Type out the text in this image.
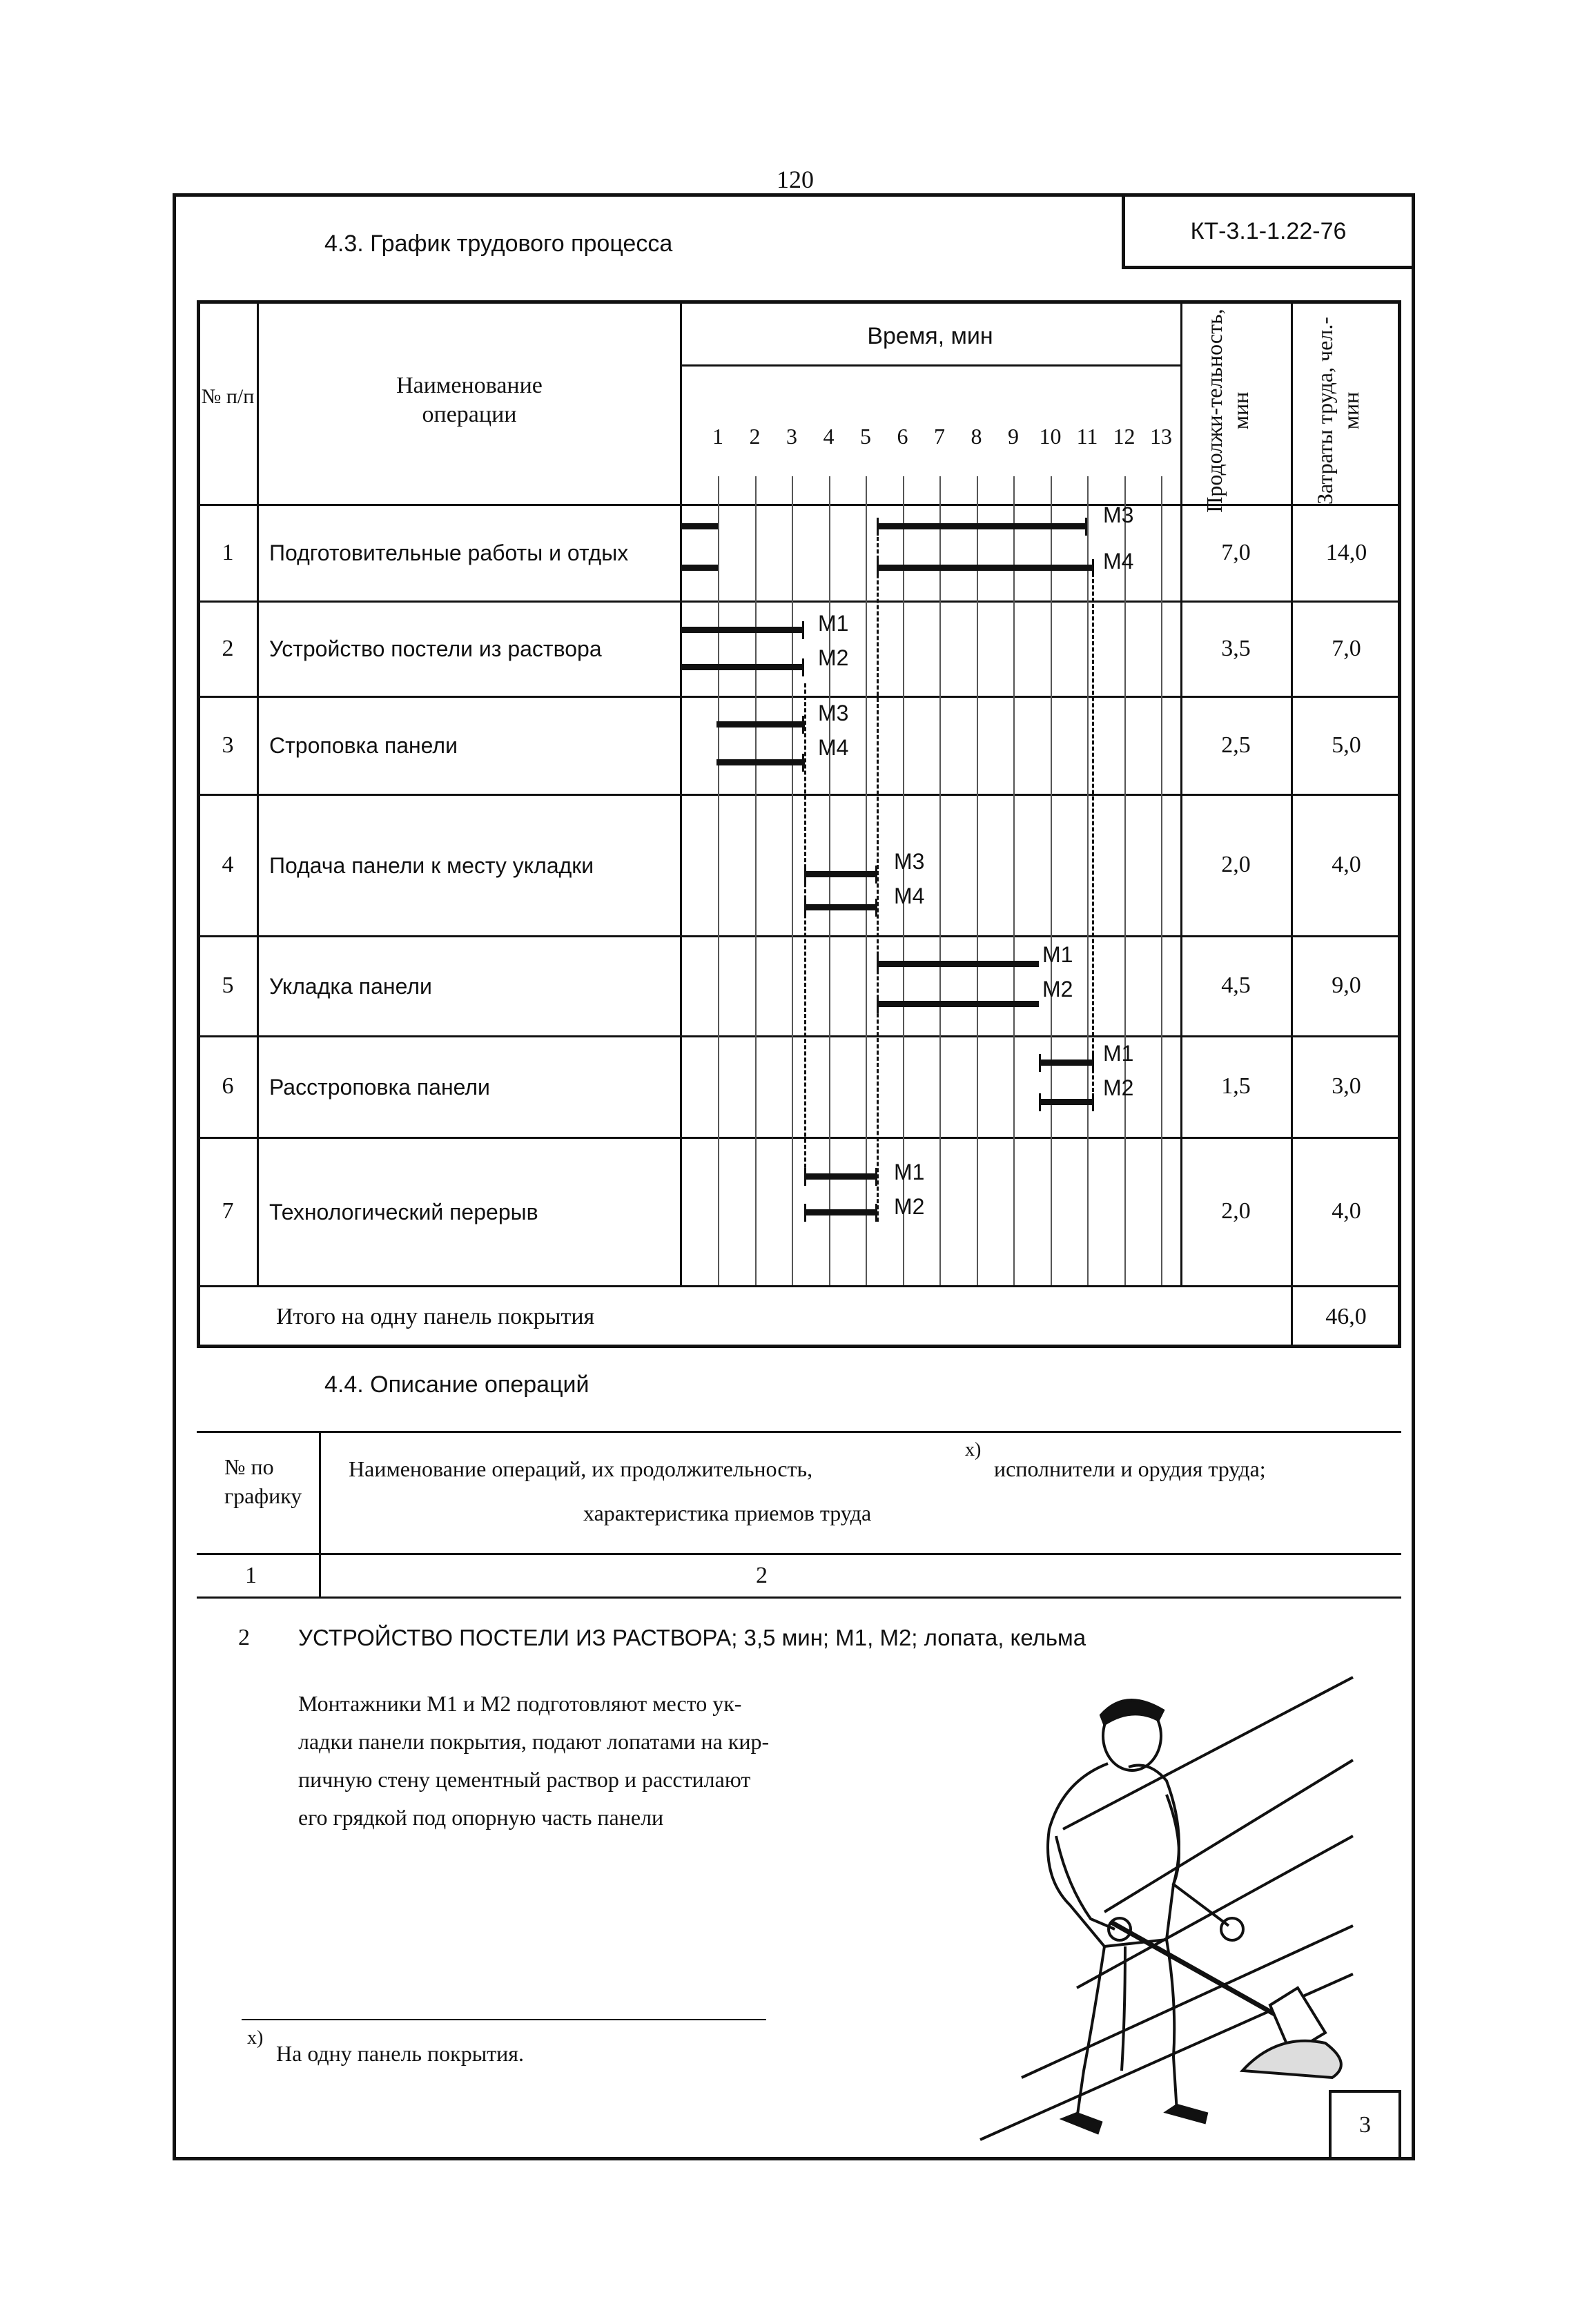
120
КТ-3.1-1.22-76
4.3. График трудового процесса
№ п/п	Наименование операции
Время, мин	Продолжи-тельность, мин	Затраты труда, чел.-мин
1	2	3	4	5	6	7	8	9 10 11 12 13
1	Подготовительные работы и отдых	7,0	14,0
2	Устройство постели из раствора	3,5	7,0
3	Строповка панели	2,5	5,0
4	Подача панели к месту укладки	2,0	4,0
5	Укладка панели	4,5	9,0
6	Расстроповка панели	1,5	3,0
7	Технологический перерыв	2,0	4,0
М3
М4
М1
М2
М3
М4
М3
М4
М1
М2
М1
М2
М1
М2
Итого на одну панель покрытия	46,0
4.4. Описание операций
№ по графику
Наименование операций, их продолжительность,
x)
исполнители и орудия труда;
характеристика приемов труда
1	2
2 УСТРОЙСТВО ПОСТЕЛИ ИЗ РАСТВОРА; 3,5 мин; М1, М2; лопата, кельма
Монтажники М1 и М2 подготовляют место ук-
ладки панели покрытия, подают лопатами на кир-
пичную стену цементный раствор и расстилают
его грядкой под опорную часть панели
x)
На одну панель покрытия.
3
